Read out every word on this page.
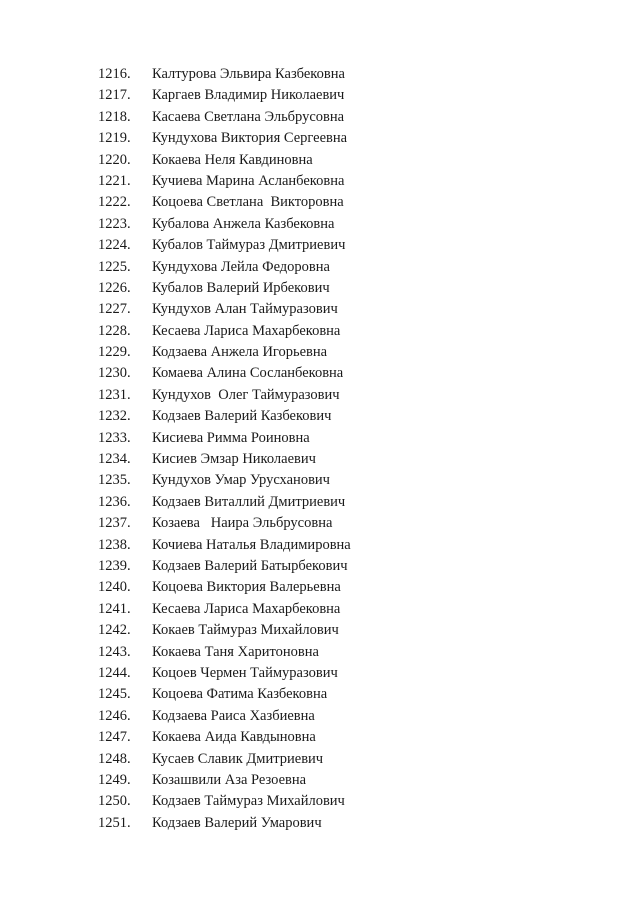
1216. Калтурова Эльвира Казбековна
1217. Каргаев Владимир Николаевич
1218. Касаева Светлана Эльбрусовна
1219. Кундухова Виктория Сергеевна
1220. Кокаева Неля Кавдиновна
1221. Кучиева Марина Асланбековна
1222. Коцоева Светлана  Викторовна
1223. Кубалова Анжела Казбековна
1224. Кубалов Таймураз Дмитриевич
1225. Кундухова Лейла Федоровна
1226. Кубалов Валерий Ирбекович
1227. Кундухов Алан Таймуразович
1228. Кесаева Лариса Махарбековна
1229. Кодзаева Анжела Игорьевна
1230. Комаева Алина Сосланбековна
1231. Кундухов  Олег Таймуразович
1232. Кодзаев Валерий Казбекович
1233. Кисиева Римма Роиновна
1234. Кисиев Эмзар Николаевич
1235. Кундухов Умар Урусханович
1236. Кодзаев Виталлий Дмитриевич
1237. Козаева   Наира Эльбрусовна
1238. Кочиева Наталья Владимировна
1239. Кодзаев Валерий Батырбекович
1240. Коцоева Виктория Валерьевна
1241. Кесаева Лариса Махарбековна
1242. Кокаев Таймураз Михайлович
1243. Кокаева Таня Харитоновна
1244. Коцоев Чермен Таймуразович
1245. Коцоева Фатима Казбековна
1246. Кодзаева Раиса Хазбиевна
1247. Кокаева Аида Кавдыновна
1248. Кусаев Славик Дмитриевич
1249. Козашвили Аза Резоевна
1250. Кодзаев Таймураз Михайлович
1251. Кодзаев Валерий Умарович
